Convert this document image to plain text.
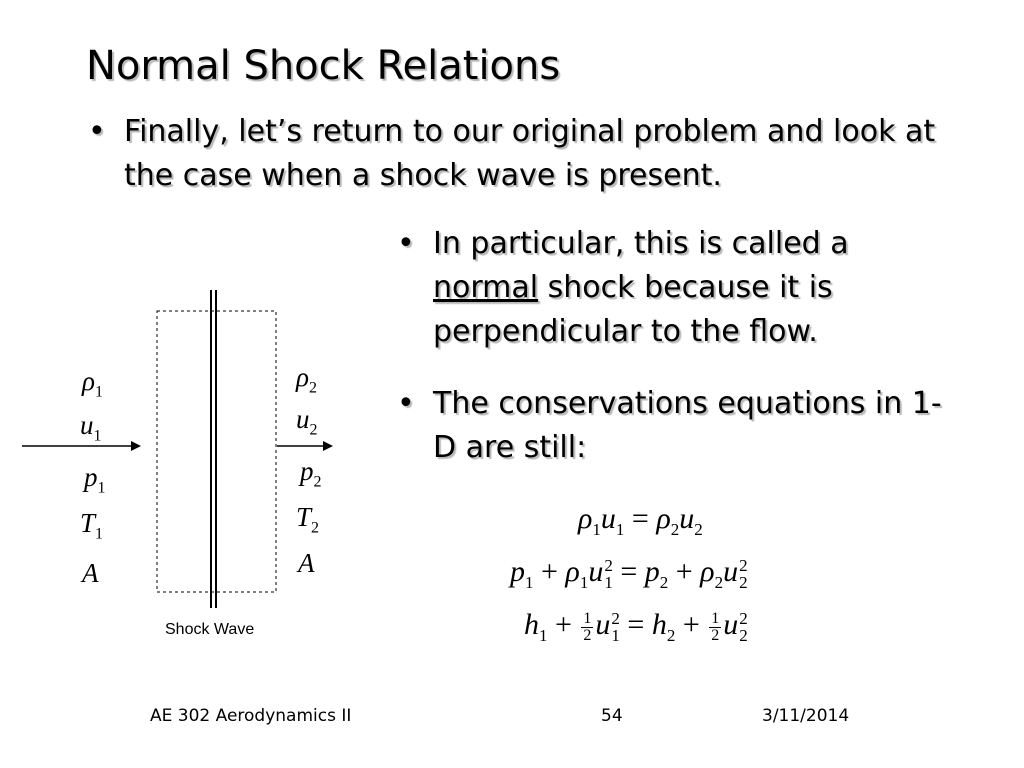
Normal Shock Relations
• Finally, let’s return to our original problem and look at the case when a shock wave is present.
• In particular, this is called a normal shock because it is perpendicular to the flow.
• The conservations equations in 1-D are still:
$\rho_1$
$u_1$
$p_1$
$T_1$
A
$\rho_2$
$u_2$
$p_2$
$T_2$
A
Shock Wave
$\rho_1u_1 = \rho_2u_2$
$p_1 + \rho_1u$ 2
$1 = p_2 + \rho_2u$ 2
2
$h_1 + \frac{1}{2}$ u 2
$1 = h_2 + \frac{1}{2}$ u 2
2
AE 302 Aerodynamics II	54	3/11/2014
